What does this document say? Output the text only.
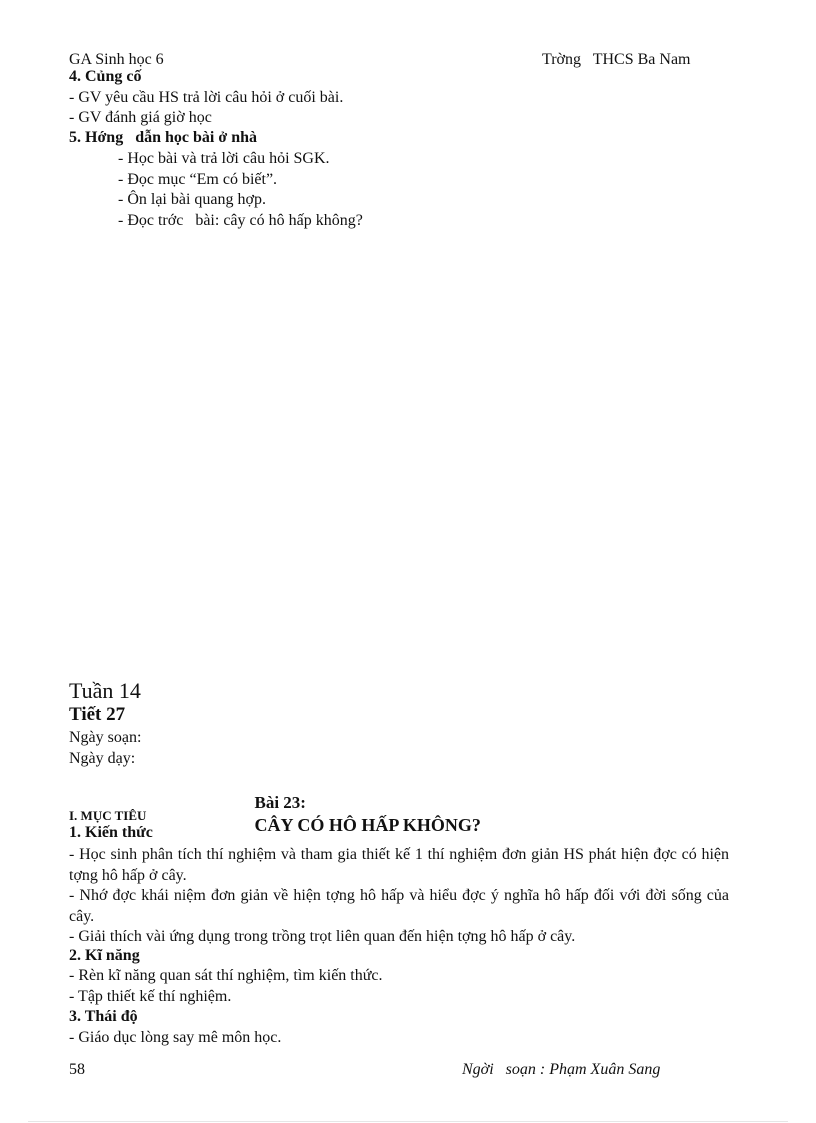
GA Sinh học 6	Trờng   THCS Ba Nam
4. Củng cố
- GV yêu cầu HS trả lời câu hỏi ở cuối bài.
- GV đánh giá giờ học
5. Hớng   dẫn học bài ở nhà
- Học bài và trả lời câu hỏi SGK.
- Đọc mục “Em có biết”.
- Ôn lại bài quang hợp.
- Đọc trớc   bài: cây có hô hấp không?
Tuần 14
Tiết 27
Ngày soạn:
Ngày dạy:

Bài 23:
CÂY CÓ HÔ HẤP KHÔNG?

I. MỤC TIÊU
1. Kiến thức
- Học sinh phân tích thí nghiệm và tham gia thiết kế 1 thí nghiệm đơn giản HS phát hiện đợc có hiện tợng hô hấp ở cây.
- Nhớ đợc khái niệm đơn giản về hiện tợng hô hấp và hiểu đợc ý nghĩa hô hấp đối với đời sống của cây.
- Giải thích vài ứng dụng trong trồng trọt liên quan đến hiện tợng hô hấp ở cây.
2. Kĩ năng
- Rèn kĩ năng quan sát thí nghiệm, tìm kiến thức.
- Tập thiết kế thí nghiệm.
3. Thái độ
- Giáo dục lòng say mê môn học.
58	Ngời   soạn : Phạm Xuân Sang
